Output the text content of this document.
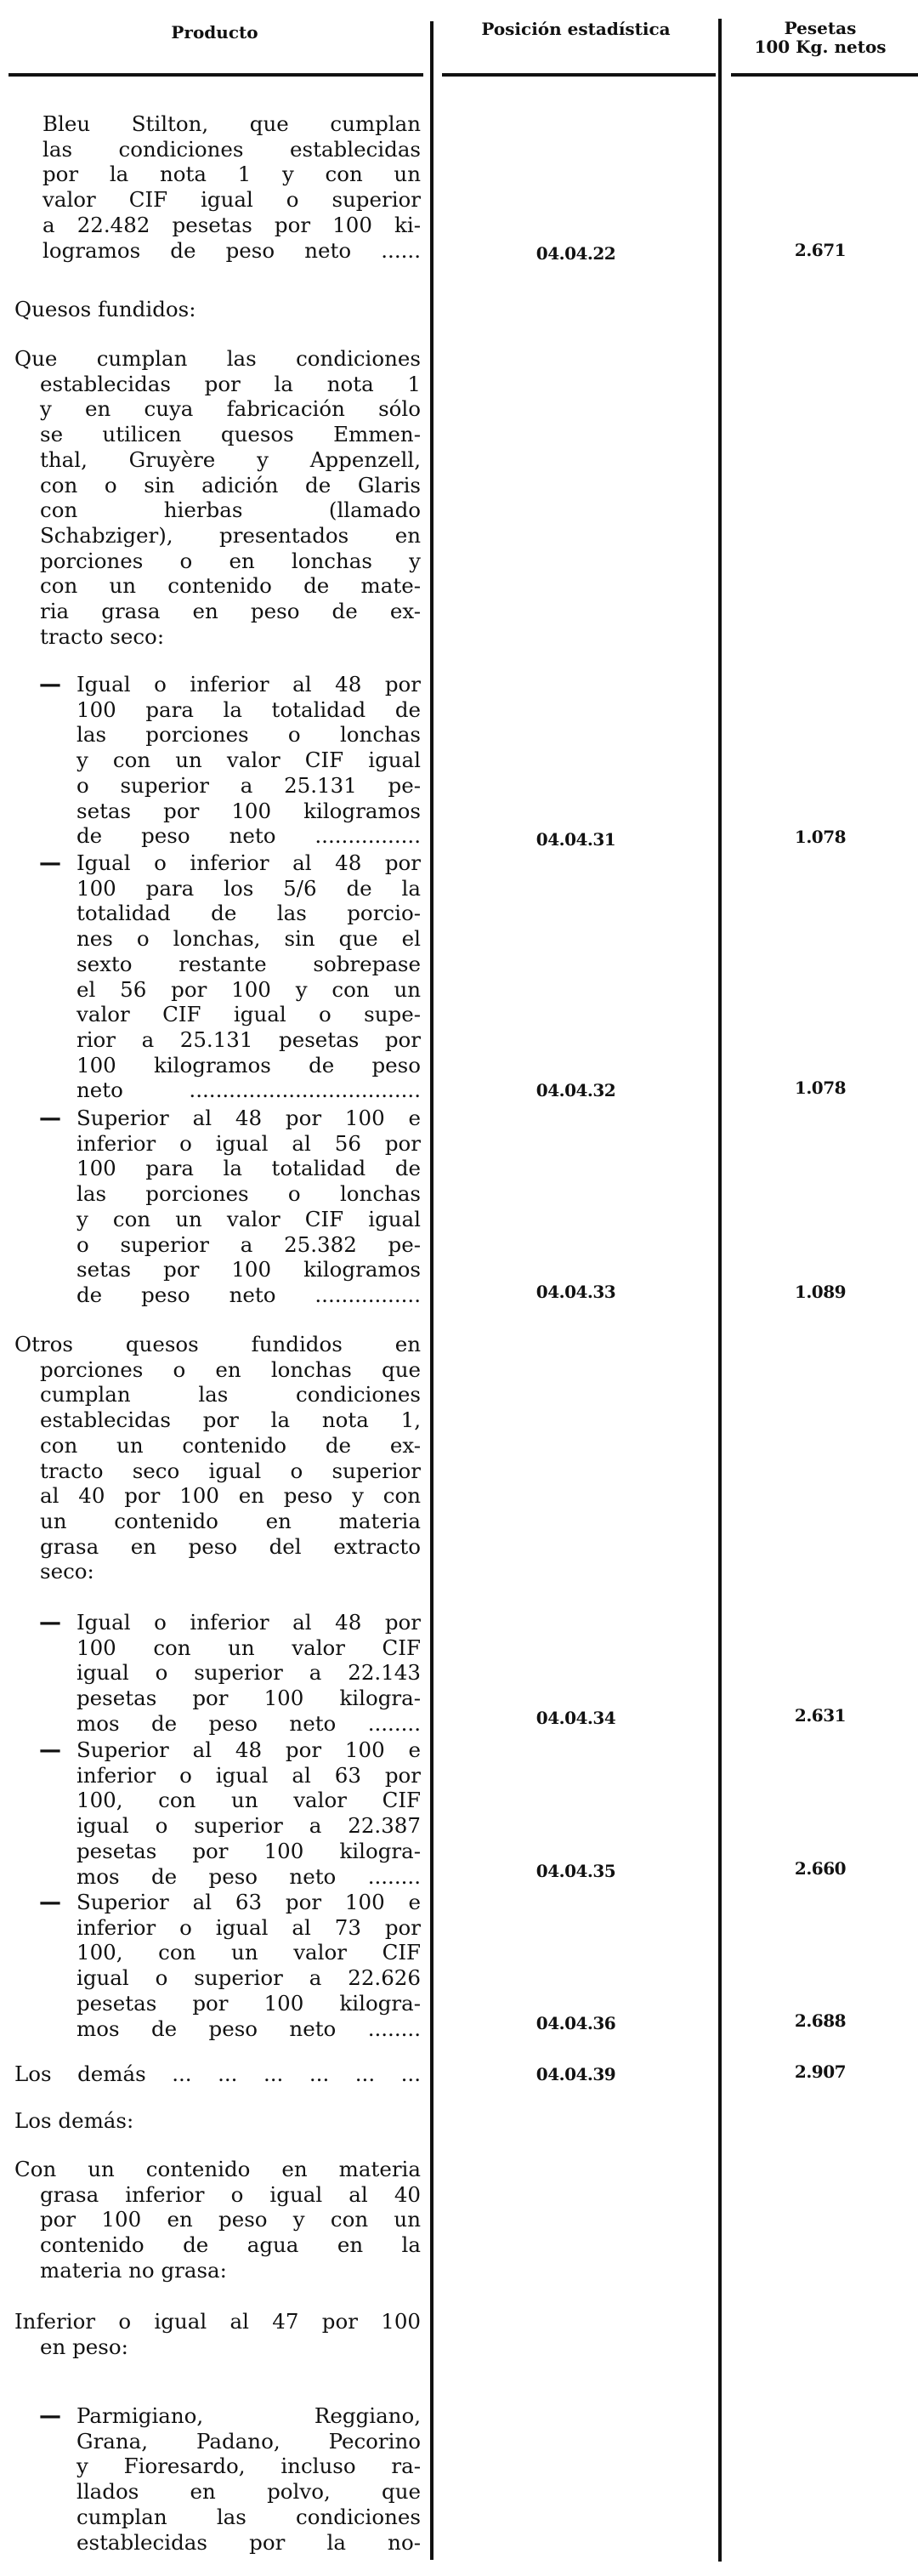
Producto	Posición estadística	Pesetas
100 Kg. netos

Bleu Stilton, que cumplan

las condiciones establecidas

por la nota 1 y con un

valor CIF igual o superior

a 22.482 pesetas por 100 ki-

logramos de peso neto ......	04.04.22	2.671

Quesos fundidos:

Que cumplan las condiciones

establecidas por la nota 1

y en cuya fabricación sólo

se utilicen quesos Emmen-

thal, Gruyère y Appenzell,

con o sin adición de Glaris

con hierbas (llamado

Schabziger), presentados en

porciones o en lonchas y

con un contenido de mate-

ria grasa en peso de ex-

tracto seco:

— Igual o inferior al 48 por

100 para la totalidad de

las porciones o lonchas

y con un valor CIF igual

o superior a 25.131 pe-

setas por 100 kilogramos

de peso neto ................	04.04.31	1.078
— Igual o inferior al 48 por

100 para los 5/6 de la

totalidad de las porcio-

nes o lonchas, sin que el

sexto restante sobrepase

el 56 por 100 y con un

valor CIF igual o supe-

rior a 25.131 pesetas por

100 kilogramos de peso

neto ...................................	04.04.32	1.078
— Superior al 48 por 100 e

inferior o igual al 56 por

100 para la totalidad de

las porciones o lonchas

y con un valor CIF igual

o superior a 25.382 pe-

setas por 100 kilogramos

de peso neto ................	04.04.33	1.089

Otros quesos fundidos en

porciones o en lonchas que

cumplan las condiciones

establecidas por la nota 1,

con un contenido de ex-

tracto seco igual o superior

al 40 por 100 en peso y con

un contenido en materia

grasa en peso del extracto

seco:

— Igual o inferior al 48 por

100 con un valor CIF

igual o superior a 22.143

pesetas por 100 kilogra-

mos de peso neto ........	04.04.34	2.631
— Superior al 48 por 100 e

inferior o igual al 63 por

100, con un valor CIF

igual o superior a 22.387

pesetas por 100 kilogra-

mos de peso neto ........	04.04.35	2.660
— Superior al 63 por 100 e

inferior o igual al 73 por

100, con un valor CIF

igual o superior a 22.626

pesetas por 100 kilogra-

mos de peso neto ........	04.04.36	2.688

Los demás ... ... ... ... ... ...	04.04.39	2.907

Los demás:

Con un contenido en materia

grasa inferior o igual al 40

por 100 en peso y con un

contenido de agua en la

materia no grasa:

Inferior o igual al 47 por 100

en peso:

— Parmigiano, Reggiano,

Grana, Padano, Pecorino

y Fioresardo, incluso ra-

llados en polvo, que

cumplan las condiciones

establecidas por la no-
